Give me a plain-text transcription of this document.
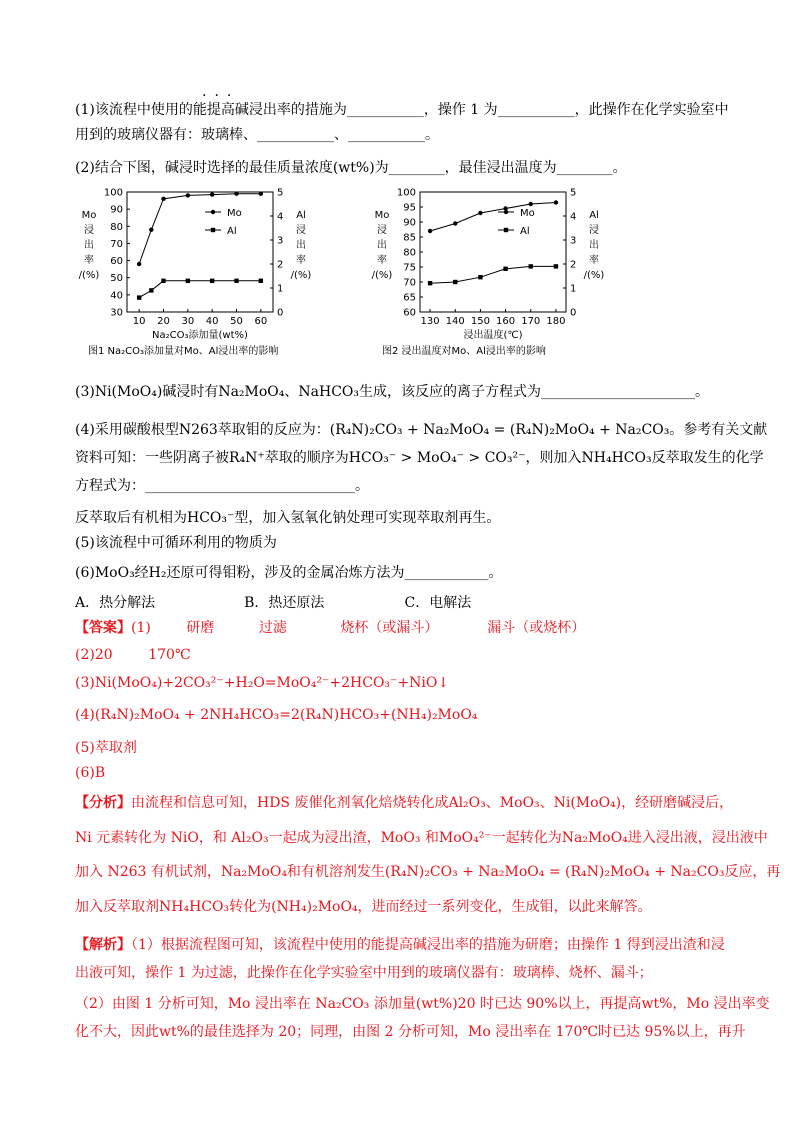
···
(1)该流程中使用的能提高碱浸出率的措施为___________，操作 1 为___________，此操作在化学实验室中
用到的玻璃仪器有：玻璃棒、___________、___________。
(2)结合下图，碱浸时选择的最佳质量浓度(wt%)为________，最佳浸出温度为________。
30
40
50
60
70
80
90
100
0
1
2
3
4
5
10 20 30 40 50 60
Na₂CO₃添加量(wt%)
Mo
浸
出
率
/(%)
Al
浸
出
率
/(%)
Mo
Al
图1 Na₂CO₃添加量对Mo、Al浸出率的影响
60
65
70
75
80
85
90
95
100
0
1
2
3
4
5
130 140 150 160 170 180
浸出温度(℃)
Mo
浸
出
率
/(%)
Al
浸
出
率
/(%)
Mo
Al
图2 浸出温度对Mo、Al浸出率的影响
(3)Ni(MoO₄)碱浸时有Na₂MoO₄、NaHCO₃生成，该反应的离子方程式为______________________。
(4)采用碳酸根型N263萃取钼的反应为：(R₄N)₂CO₃ + Na₂MoO₄ = (R₄N)₂MoO₄ + Na₂CO₃。参考有关文献
资料可知：一些阴离子被R₄N⁺萃取的顺序为HCO₃⁻ > MoO₄⁻ > CO₃²⁻，则加入NH₄HCO₃反萃取发生的化学
方程式为：______________________________。
反萃取后有机相为HCO₃⁻型，加入氢氧化钠处理可实现萃取剂再生。
(5)该流程中可循环利用的物质为
(6)MoO₃经H₂还原可得钼粉，涉及的金属冶炼方法为____________。
A．热分解法                    B．热还原法                  C．电解法
【答案】(1)        研磨          过滤            烧杯（或漏斗）           漏斗（或烧杯）
(2)20        170℃
(3)Ni(MoO₄)+2CO₃²⁻+H₂O=MoO₄²⁻+2HCO₃⁻+NiO↓
(4)(R₄N)₂MoO₄ + 2NH₄HCO₃=2(R₄N)HCO₃+(NH₄)₂MoO₄
(5)萃取剂
(6)B
【分析】由流程和信息可知，HDS 废催化剂氧化焙烧转化成Al₂O₃、MoO₃、Ni(MoO₄)，经研磨碱浸后，
Ni 元素转化为 NiO，和 Al₂O₃一起成为浸出渣，MoO₃ 和MoO₄²⁻一起转化为Na₂MoO₄进入浸出液，浸出液中
加入 N263 有机试剂，Na₂MoO₄和有机溶剂发生(R₄N)₂CO₃ + Na₂MoO₄ = (R₄N)₂MoO₄ + Na₂CO₃反应，再
加入反萃取剂NH₄HCO₃转化为(NH₄)₂MoO₄，进而经过一系列变化，生成钼，以此来解答。
【解析】（1）根据流程图可知，该流程中使用的能提高碱浸出率的措施为研磨；由操作 1 得到浸出渣和浸
出液可知，操作 1 为过滤，此操作在化学实验室中用到的玻璃仪器有：玻璃棒、烧杯、漏斗；
（2）由图 1 分析可知，Mo 浸出率在 Na₂CO₃ 添加量(wt%)20 时已达 90%以上，再提高wt%，Mo 浸出率变
化不大，因此wt%的最佳选择为 20；同理，由图 2 分析可知，Mo 浸出率在 170℃时已达 95%以上，再升
